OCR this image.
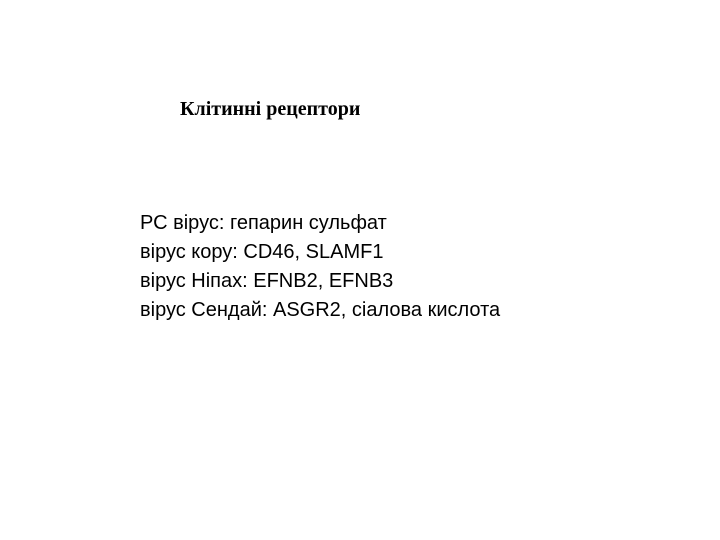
Клітинні рецептори
РС вірус: гепарин сульфат
вірус кору: CD46, SLAMF1
вірус Ніпах: EFNB2, EFNB3
вірус Сендай: ASGR2, сіалова кислота
